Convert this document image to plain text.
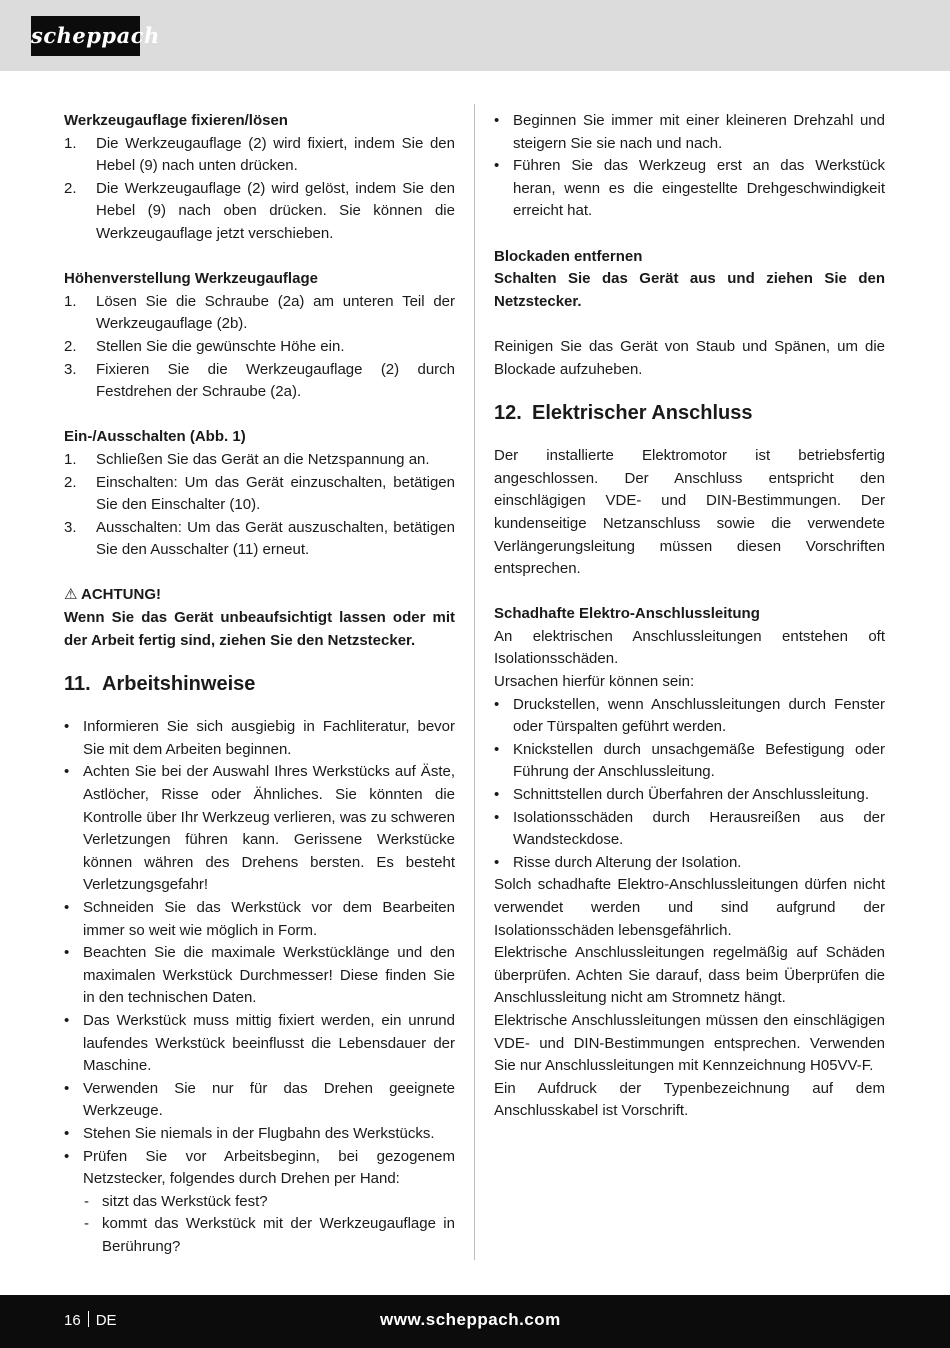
scheppach
Werkzeugauflage fixieren/lösen
1. Die Werkzeugauflage (2) wird fixiert, indem Sie den Hebel (9) nach unten drücken.
2. Die Werkzeugauflage (2) wird gelöst, indem Sie den Hebel (9) nach oben drücken. Sie können die Werkzeugauflage jetzt verschieben.
Höhenverstellung Werkzeugauflage
1. Lösen Sie die Schraube (2a) am unteren Teil der Werkzeugauflage (2b).
2. Stellen Sie die gewünschte Höhe ein.
3. Fixieren Sie die Werkzeugauflage (2) durch Festdrehen der Schraube (2a).
Ein-/Ausschalten (Abb. 1)
1. Schließen Sie das Gerät an die Netzspannung an.
2. Einschalten: Um das Gerät einzuschalten, betätigen Sie den Einschalter (10).
3. Ausschalten: Um das Gerät auszuschalten, betätigen Sie den Ausschalter (11) erneut.
⚠ ACHTUNG!

Wenn Sie das Gerät unbeaufsichtigt lassen oder mit der Arbeit fertig sind, ziehen Sie den Netzstecker.

11. Arbeitshinweise
• Informieren Sie sich ausgiebig in Fachliteratur, bevor Sie mit dem Arbeiten beginnen.
• Achten Sie bei der Auswahl Ihres Werkstücks auf Äste, Astlöcher, Risse oder Ähnliches. Sie könnten die Kontrolle über Ihr Werkzeug verlieren, was zu schweren Verletzungen führen kann. Gerissene Werkstücke können währen des Drehens bersten. Es besteht Verletzungsgefahr!
• Schneiden Sie das Werkstück vor dem Bearbeiten immer so weit wie möglich in Form.
• Beachten Sie die maximale Werkstücklänge und den maximalen Werkstück Durchmesser! Diese finden Sie in den technischen Daten.
• Das Werkstück muss mittig fixiert werden, ein unrund laufendes Werkstück beeinflusst die Lebensdauer der Maschine.
• Verwenden Sie nur für das Drehen geeignete Werkzeuge.
• Stehen Sie niemals in der Flugbahn des Werkstücks.
• Prüfen Sie vor Arbeitsbeginn, bei gezogenem Netzstecker, folgendes durch Drehen per Hand:
- sitzt das Werkstück fest?
- kommt das Werkstück mit der Werkzeugauflage in Berührung?
• Beginnen Sie immer mit einer kleineren Drehzahl und steigern Sie sie nach und nach.
• Führen Sie das Werkzeug erst an das Werkstück heran, wenn es die eingestellte Drehgeschwindigkeit erreicht hat.
Blockaden entfernen

Schalten Sie das Gerät aus und ziehen Sie den Netzstecker.

Reinigen Sie das Gerät von Staub und Spänen, um die Blockade aufzuheben.

12. Elektrischer Anschluss

Der installierte Elektromotor ist betriebsfertig angeschlossen. Der Anschluss entspricht den einschlägigen VDE- und DIN-Bestimmungen. Der kundenseitige Netzanschluss sowie die verwendete Verlängerungsleitung müssen diesen Vorschriften entsprechen.

Schadhafte Elektro-Anschlussleitung

An elektrischen Anschlussleitungen entstehen oft Isolationsschäden.

Ursachen hierfür können sein:

• Druckstellen, wenn Anschlussleitungen durch Fenster oder Türspalten geführt werden.
• Knickstellen durch unsachgemäße Befestigung oder Führung der Anschlussleitung.
• Schnittstellen durch Überfahren der Anschlussleitung.
• Isolationsschäden durch Herausreißen aus der Wandsteckdose.
• Risse durch Alterung der Isolation.

Solch schadhafte Elektro-Anschlussleitungen dürfen nicht verwendet werden und sind aufgrund der Isolationsschäden lebensgefährlich.

Elektrische Anschlussleitungen regelmäßig auf Schäden überprüfen. Achten Sie darauf, dass beim Überprüfen die Anschlussleitung nicht am Stromnetz hängt.

Elektrische Anschlussleitungen müssen den einschlägigen VDE- und DIN-Bestimmungen entsprechen. Verwenden Sie nur Anschlussleitungen mit Kennzeichnung H05VV-F.

Ein Aufdruck der Typenbezeichnung auf dem Anschlusskabel ist Vorschrift.

16 DE	www.scheppach.com
